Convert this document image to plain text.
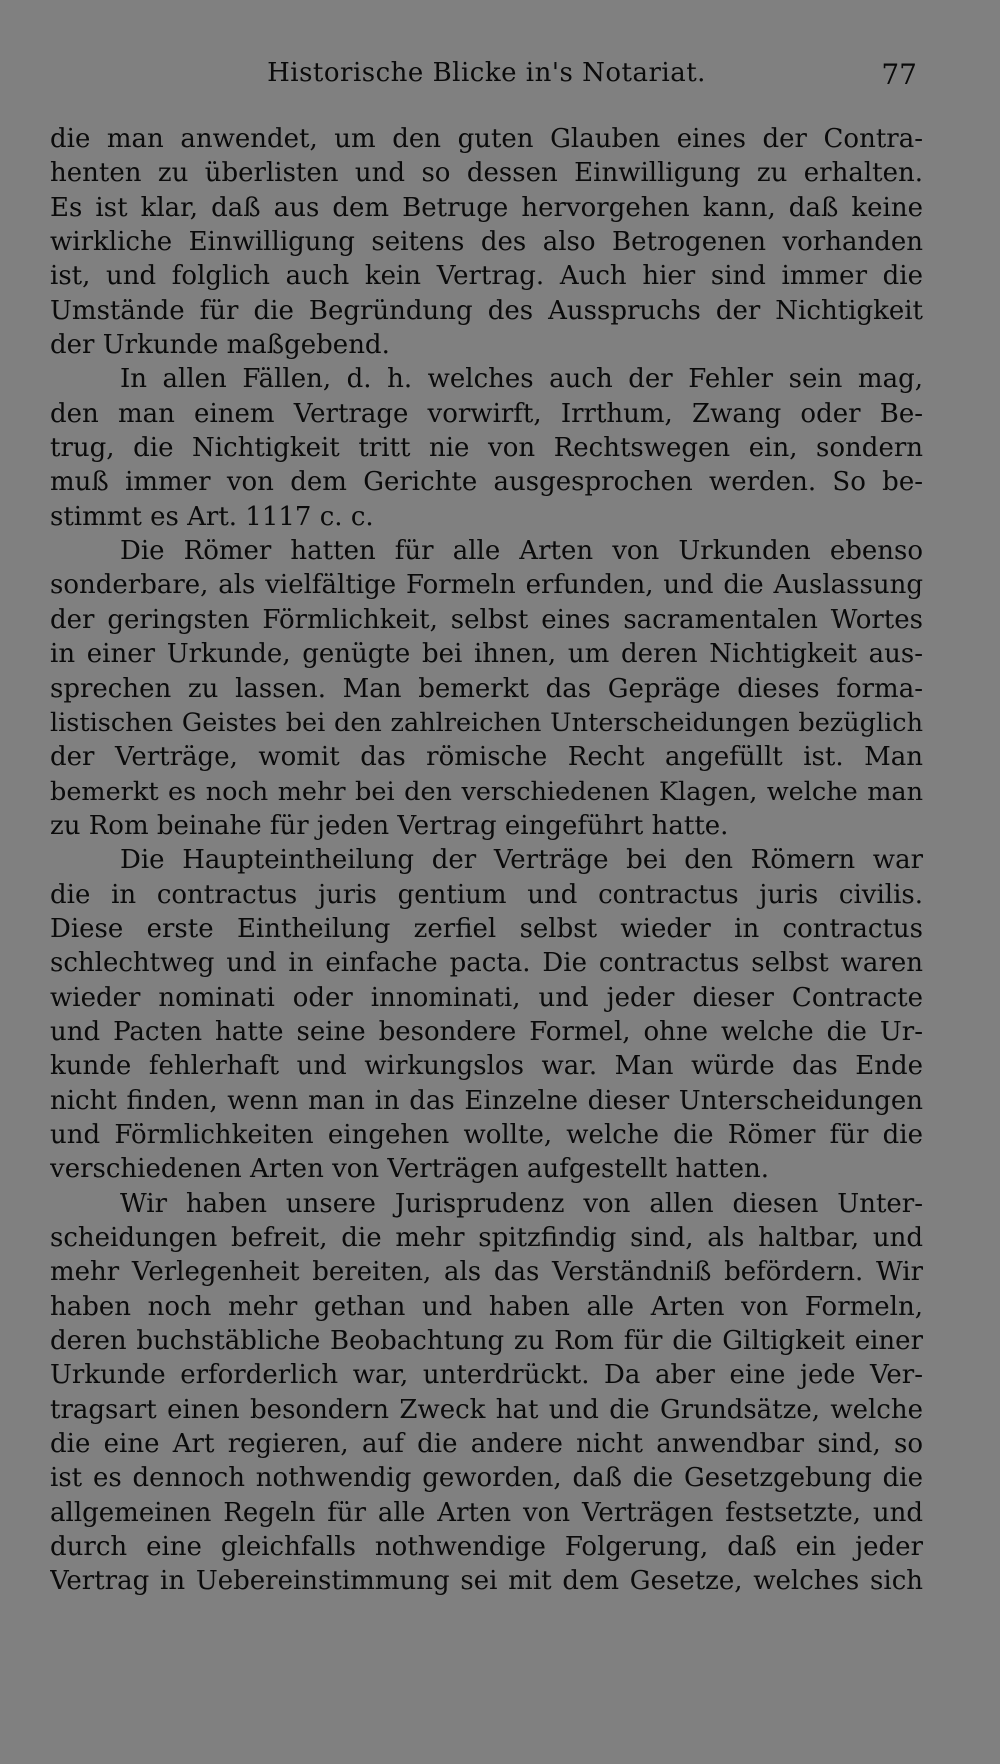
Historische Blicke in's Notariat.	77
die man anwendet, um den guten Glauben eines der Contra-
henten zu überlisten und so dessen Einwilligung zu erhalten.
Es ist klar, daß aus dem Betruge hervorgehen kann, daß keine
wirkliche Einwilligung seitens des also Betrogenen vorhanden
ist, und folglich auch kein Vertrag. Auch hier sind immer die
Umstände für die Begründung des Ausspruchs der Nichtigkeit
der Urkunde maßgebend.
In allen Fällen, d. h. welches auch der Fehler sein mag,
den man einem Vertrage vorwirft, Irrthum, Zwang oder Be-
trug, die Nichtigkeit tritt nie von Rechtswegen ein, sondern
muß immer von dem Gerichte ausgesprochen werden. So be-
stimmt es Art. 1117 c. c.
Die Römer hatten für alle Arten von Urkunden ebenso
sonderbare, als vielfältige Formeln erfunden, und die Auslassung
der geringsten Förmlichkeit, selbst eines sacramentalen Wortes
in einer Urkunde, genügte bei ihnen, um deren Nichtigkeit aus-
sprechen zu lassen. Man bemerkt das Gepräge dieses forma-
listischen Geistes bei den zahlreichen Unterscheidungen bezüglich
der Verträge, womit das römische Recht angefüllt ist. Man
bemerkt es noch mehr bei den verschiedenen Klagen, welche man
zu Rom beinahe für jeden Vertrag eingeführt hatte.
Die Haupteintheilung der Verträge bei den Römern war
die in contractus juris gentium und contractus juris civilis.
Diese erste Eintheilung zerfiel selbst wieder in contractus
schlechtweg und in einfache pacta. Die contractus selbst waren
wieder nominati oder innominati, und jeder dieser Contracte
und Pacten hatte seine besondere Formel, ohne welche die Ur-
kunde fehlerhaft und wirkungslos war. Man würde das Ende
nicht finden, wenn man in das Einzelne dieser Unterscheidungen
und Förmlichkeiten eingehen wollte, welche die Römer für die
verschiedenen Arten von Verträgen aufgestellt hatten.
Wir haben unsere Jurisprudenz von allen diesen Unter-
scheidungen befreit, die mehr spitzfindig sind, als haltbar, und
mehr Verlegenheit bereiten, als das Verständniß befördern. Wir
haben noch mehr gethan und haben alle Arten von Formeln,
deren buchstäbliche Beobachtung zu Rom für die Giltigkeit einer
Urkunde erforderlich war, unterdrückt. Da aber eine jede Ver-
tragsart einen besondern Zweck hat und die Grundsätze, welche
die eine Art regieren, auf die andere nicht anwendbar sind, so
ist es dennoch nothwendig geworden, daß die Gesetzgebung die
allgemeinen Regeln für alle Arten von Verträgen festsetzte, und
durch eine gleichfalls nothwendige Folgerung, daß ein jeder
Vertrag in Uebereinstimmung sei mit dem Gesetze, welches sich
